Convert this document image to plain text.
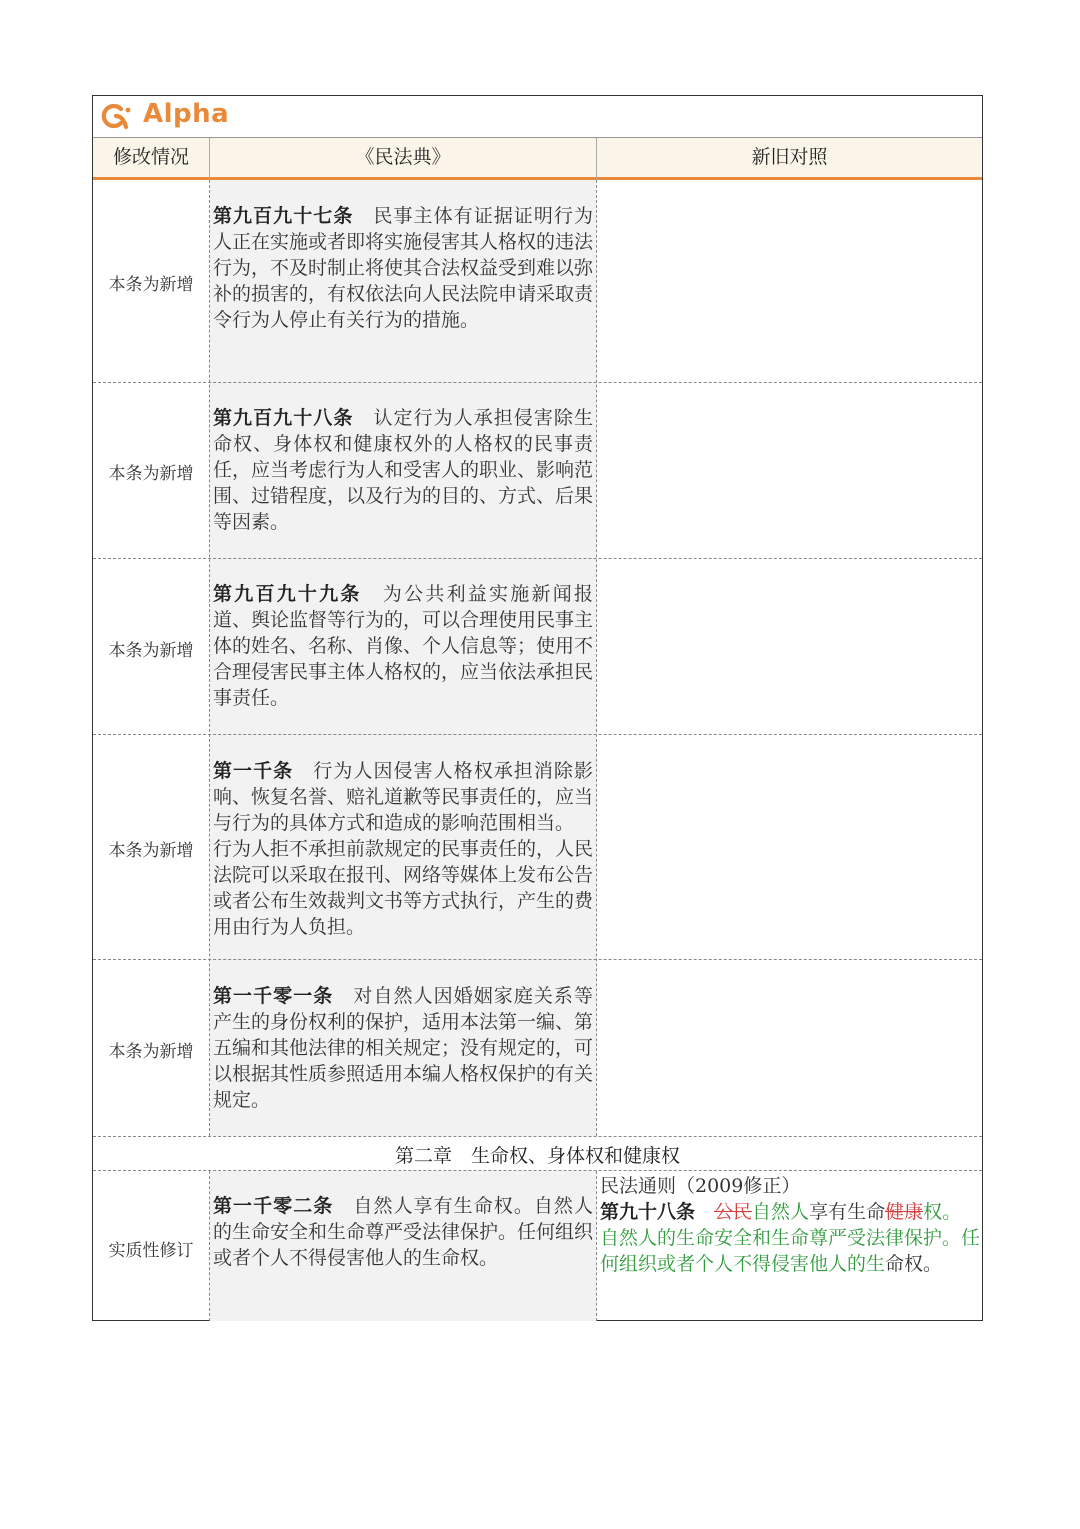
Alpha
修改情况	《民法典》	新旧对照
本条为新增
第九百九十七条　 民事主体有证据证明行为人正在实施或者即将实施侵害其人格权的违法行为，不及时制止将使其合法权益受到难以弥补的损害的，有权依法向人民法院申请采取责令行为人停止有关行为的措施。
本条为新增
第九百九十八条　 认定行为人承担侵害除生命权、身体权和健康权外的人格权的民事责任，应当考虑行为人和受害人的职业、影响范围、过错程度，以及行为的目的、方式、后果等因素。
本条为新增
第九百九十九条　 为公共利益实施新闻报道、舆论监督等行为的，可以合理使用民事主体的姓名、名称、肖像、个人信息等；使用不合理侵害民事主体人格权的，应当依法承担民事责任。
本条为新增
第一千条　 行为人因侵害人格权承担消除影响、恢复名誉、赔礼道歉等民事责任的，应当与行为的具体方式和造成的影响范围相当。
行为人拒不承担前款规定的民事责任的，人民法院可以采取在报刊、网络等媒体上发布公告或者公布生效裁判文书等方式执行，产生的费用由行为人负担。
本条为新增
第一千零一条　 对自然人因婚姻家庭关系等产生的身份权利的保护，适用本法第一编、第五编和其他法律的相关规定；没有规定的，可以根据其性质参照适用本编人格权保护的有关规定。
第二章　生命权、身体权和健康权
实质性修订
第一千零二条　 自然人享有生命权。自然人的生命安全和生命尊严受法律保护。任何组织或者个人不得侵害他人的生命权。
民法通则（2009修正）
第九十八条　 公民自然人享有生命健康权。自然人的生命安全和生命尊严受法律保护。任何组织或者个人不得侵害他人的生命权。
